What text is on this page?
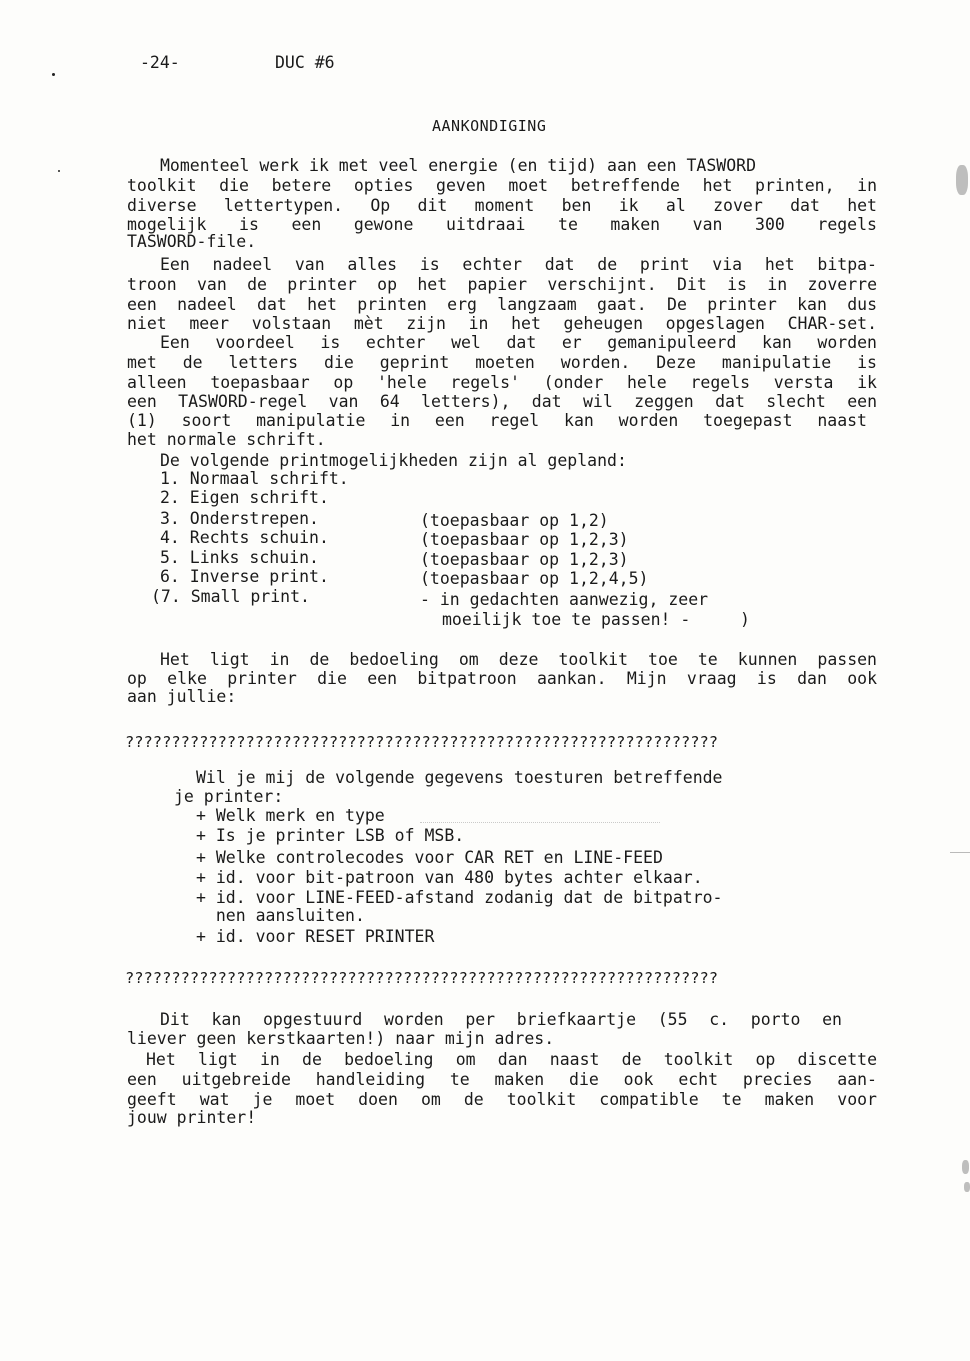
-24-	DUC #6
AANKONDIGING
Momenteel werk ik met veel energie (en tijd) aan een TASWORD
toolkit die betere opties geven moet betreffende het printen, in
diverse lettertypen. Op dit moment ben ik al zover dat het
mogelijk is een gewone uitdraai te maken van 300 regels
TASWORD-file.
Een nadeel van alles is echter dat de print via het bitpa-
troon van de printer op het papier verschijnt. Dit is in zoverre
een nadeel dat het printen erg langzaam gaat. De printer kan dus
niet meer volstaan mèt zijn in het geheugen opgeslagen CHAR-set.
Een voordeel is echter wel dat er gemanipuleerd kan worden
met de letters die geprint moeten worden. Deze manipulatie is
alleen toepasbaar op 'hele regels' (onder hele regels versta ik
een TASWORD-regel van 64 letters), dat wil zeggen dat slecht een
(1) soort manipulatie in een regel kan worden toegepast naast
het normale schrift.
De volgende printmogelijkheden zijn al gepland:
1. Normaal schrift.
2. Eigen schrift.
3. Onderstrepen.	(toepasbaar op 1,2)
4. Rechts schuin.	(toepasbaar op 1,2,3)
5. Links schuin.	(toepasbaar op 1,2,3)
6. Inverse print.	(toepasbaar op 1,2,4,5)
(7. Small print.	- in gedachten aanwezig, zeer
moeilijk toe te passen! -     )
Het ligt in de bedoeling om deze toolkit toe te kunnen passen
op elke printer die een bitpatroon aankan. Mijn vraag is dan ook
aan jullie:
????????????????????????????????????????????????????????????????
Wil je mij de volgende gegevens toesturen betreffende
je printer:
+ Welk merk en type
+ Is je printer LSB of MSB.
+ Welke controlecodes voor CAR RET en LINE-FEED
+ id. voor bit-patroon van 480 bytes achter elkaar.
+ id. voor LINE-FEED-afstand zodanig dat de bitpatro-
nen aansluiten.
+ id. voor RESET PRINTER
????????????????????????????????????????????????????????????????
Dit kan opgestuurd worden per briefkaartje (55 c. porto en
liever geen kerstkaarten!) naar mijn adres.
Het ligt in de bedoeling om dan naast de toolkit op discette
een uitgebreide handleiding te maken die ook echt precies aan-
geeft wat je moet doen om de toolkit compatible te maken voor
jouw printer!
